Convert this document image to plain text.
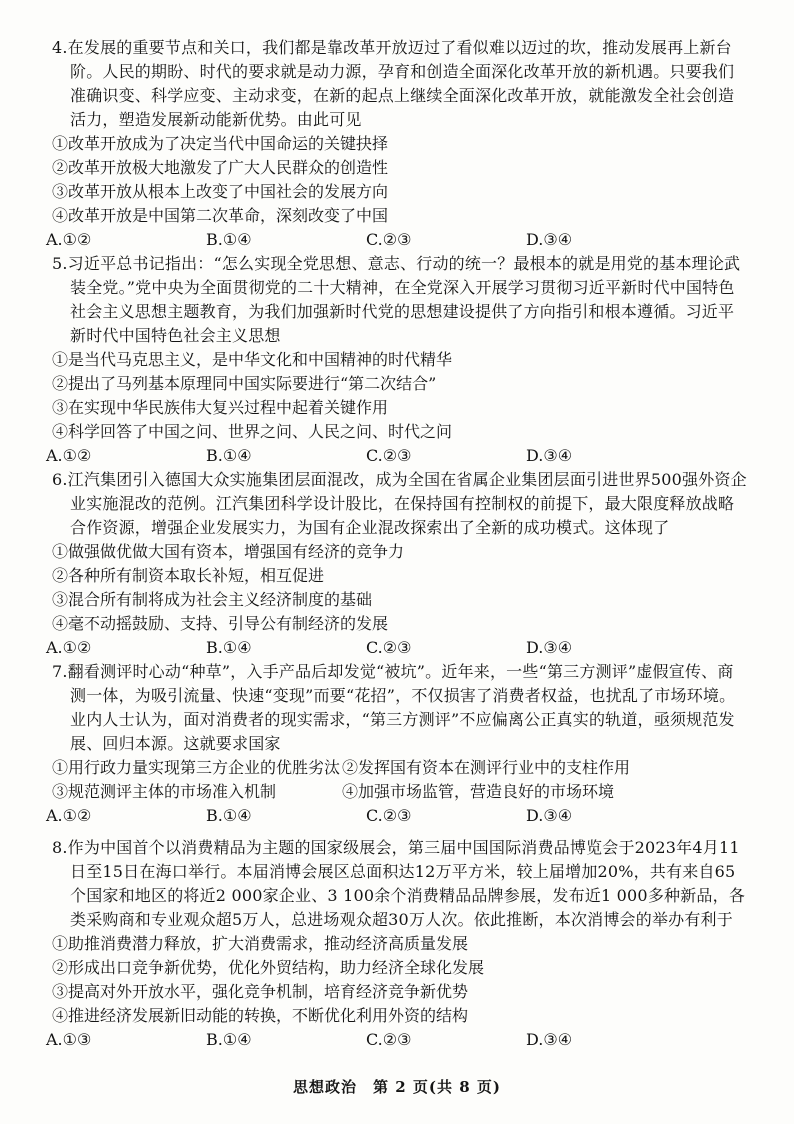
4.在发展的重要节点和关口，我们都是靠改革开放迈过了看似难以迈过的坎，推动发展再上新台阶。人民的期盼、时代的要求就是动力源，孕育和创造全面深化改革开放的新机遇。只要我们准确识变、科学应变、主动求变，在新的起点上继续全面深化改革开放，就能激发全社会创造活力，塑造发展新动能新优势。由此可见
①改革开放成为了决定当代中国命运的关键抉择
②改革开放极大地激发了广大人民群众的创造性
③改革开放从根本上改变了中国社会的发展方向
④改革开放是中国第二次革命，深刻改变了中国
A.①②	B.①④	C.②③	D.③④
5.习近平总书记指出：“怎么实现全党思想、意志、行动的统一？最根本的就是用党的基本理论武装全党。”党中央为全面贯彻党的二十大精神，在全党深入开展学习贯彻习近平新时代中国特色社会主义思想主题教育，为我们加强新时代党的思想建设提供了方向指引和根本遵循。习近平新时代中国特色社会主义思想
①是当代马克思主义，是中华文化和中国精神的时代精华
②提出了马列基本原理同中国实际要进行“第二次结合”
③在实现中华民族伟大复兴过程中起着关键作用
④科学回答了中国之问、世界之问、人民之问、时代之问
A.①②	B.①④	C.②③	D.③④
6.江汽集团引入德国大众实施集团层面混改，成为全国在省属企业集团层面引进世界500强外资企业实施混改的范例。江汽集团科学设计股比，在保持国有控制权的前提下，最大限度释放战略合作资源，增强企业发展实力，为国有企业混改探索出了全新的成功模式。这体现了
①做强做优做大国有资本，增强国有经济的竞争力
②各种所有制资本取长补短，相互促进
③混合所有制将成为社会主义经济制度的基础
④毫不动摇鼓励、支持、引导公有制经济的发展
A.①②	B.①④	C.②③	D.③④
7.翻看测评时心动“种草”，入手产品后却发觉“被坑”。近年来，一些“第三方测评”虚假宣传、商测一体，为吸引流量、快速“变现”而要“花招”，不仅损害了消费者权益，也扰乱了市场环境。业内人士认为，面对消费者的现实需求，“第三方测评”不应偏离公正真实的轨道，亟须规范发展、回归本源。这就要求国家
①用行政力量实现第三方企业的优胜劣汰 ②发挥国有资本在测评行业中的支柱作用
③规范测评主体的市场准入机制	④加强市场监管，营造良好的市场环境
A.①②	B.①④	C.②③	D.③④
8.作为中国首个以消费精品为主题的国家级展会，第三届中国国际消费品博览会于2023年4月11日至15日在海口举行。本届消博会展区总面积达12万平方米，较上届增加20%，共有来自65个国家和地区的将近2 000家企业、3 100余个消费精品品牌参展，发布近1 000多种新品，各类采购商和专业观众超5万人，总进场观众超30万人次。依此推断，本次消博会的举办有利于
①助推消费潜力释放，扩大消费需求，推动经济高质量发展
②形成出口竞争新优势，优化外贸结构，助力经济全球化发展
③提高对外开放水平，强化竞争机制，培育经济竞争新优势
④推进经济发展新旧动能的转换，不断优化利用外资的结构
A.①③	B.①④	C.②③	D.③④
思想政治　第 2 页(共 8 页)
